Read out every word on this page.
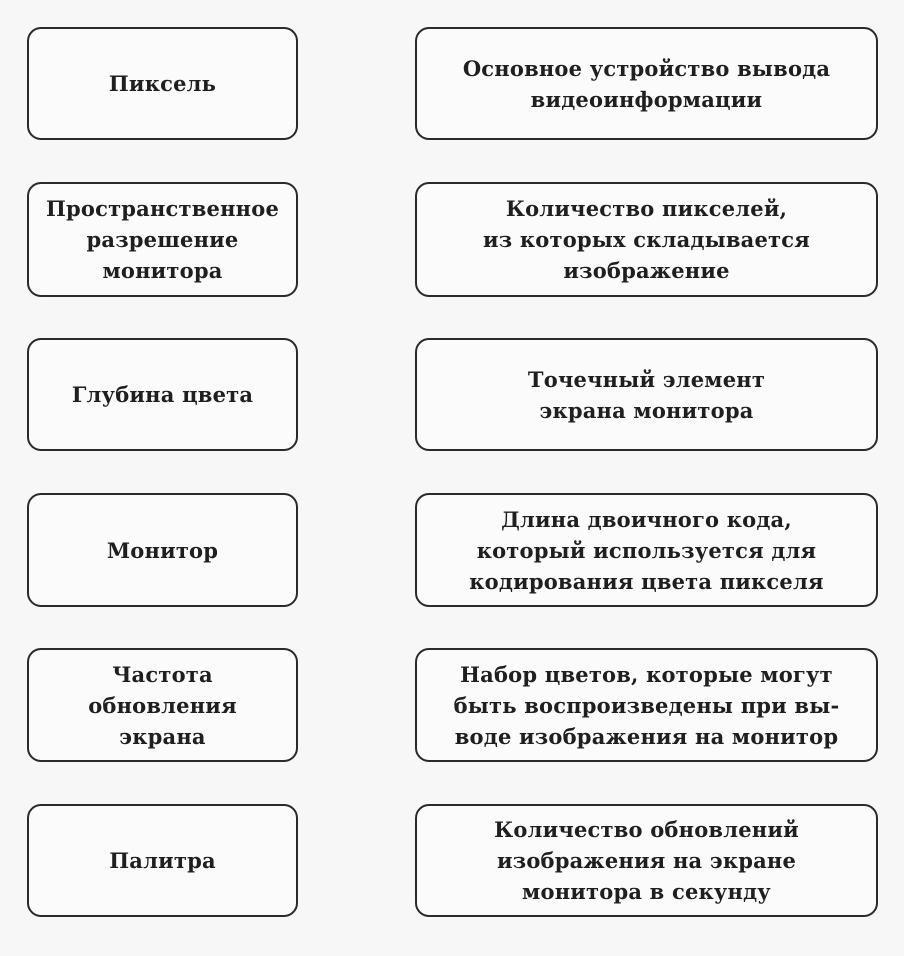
Пиксель
Пространственное
разрешение
монитора
Глубина цвета
Монитор
Частота
обновления
экрана
Палитра
Основное устройство вывода
видеоинформации
Количество пикселей,
из которых складывается
изображение
Точечный элемент
экрана монитора
Длина двоичного кода,
который используется для
кодирования цвета пикселя
Набор цветов, которые могут
быть воспроизведены при вы-
воде изображения на монитор
Количество обновлений
изображения на экране
монитора в секунду
